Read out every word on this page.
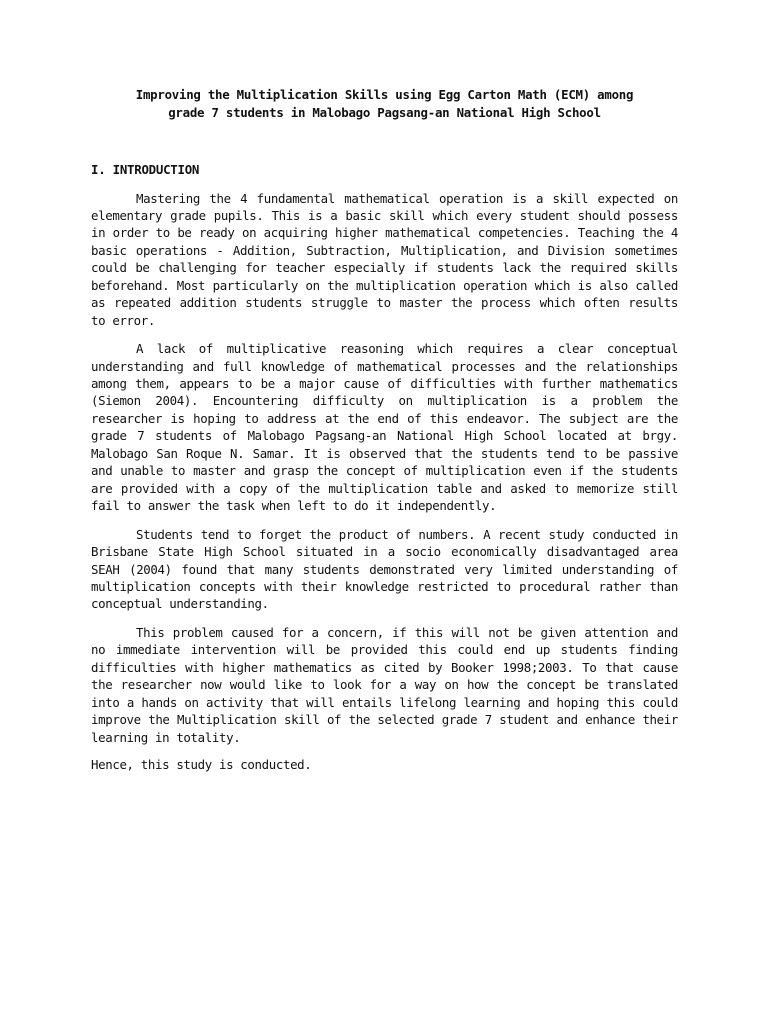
Improving the Multiplication Skills using Egg Carton Math (ECM) among
grade 7 students in Malobago Pagsang-an National High School
I. INTRODUCTION

Mastering the 4 fundamental mathematical operation is a skill expected on elementary grade pupils. This is a basic skill which every student should possess in order to be ready on acquiring higher mathematical competencies. Teaching the 4 basic operations - Addition, Subtraction, Multiplication, and Division sometimes could be challenging for teacher especially if students lack the required skills beforehand. Most particularly on the multiplication operation which is also called as repeated addition students struggle to master the process which often results to error.

A lack of multiplicative reasoning which requires a clear conceptual understanding and full knowledge of mathematical processes and the relationships among them, appears to be a major cause of difficulties with further mathematics (Siemon 2004). Encountering difficulty on multiplication is a problem the researcher is hoping to address at the end of this endeavor. The subject are the grade 7 students of Malobago Pagsang-an National High School located at brgy. Malobago San Roque N. Samar. It is observed that the students tend to be passive and unable to master and grasp the concept of multiplication even if the students are provided with a copy of the multiplication table and asked to memorize still fail to answer the task when left to do it independently.

Students tend to forget the product of numbers. A recent study conducted in Brisbane State High School situated in a socio economically disadvantaged area SEAH (2004) found that many students demonstrated very limited understanding of multiplication concepts with their knowledge restricted to procedural rather than conceptual understanding.

This problem caused for a concern, if this will not be given attention and no immediate intervention will be provided this could end up students finding difficulties with higher mathematics as cited by Booker 1998;2003. To that cause the researcher now would like to look for a way on how the concept be translated into a hands on activity that will entails lifelong learning and hoping this could improve the Multiplication skill of the selected grade 7 student and enhance their learning in totality.

Hence, this study is conducted.
